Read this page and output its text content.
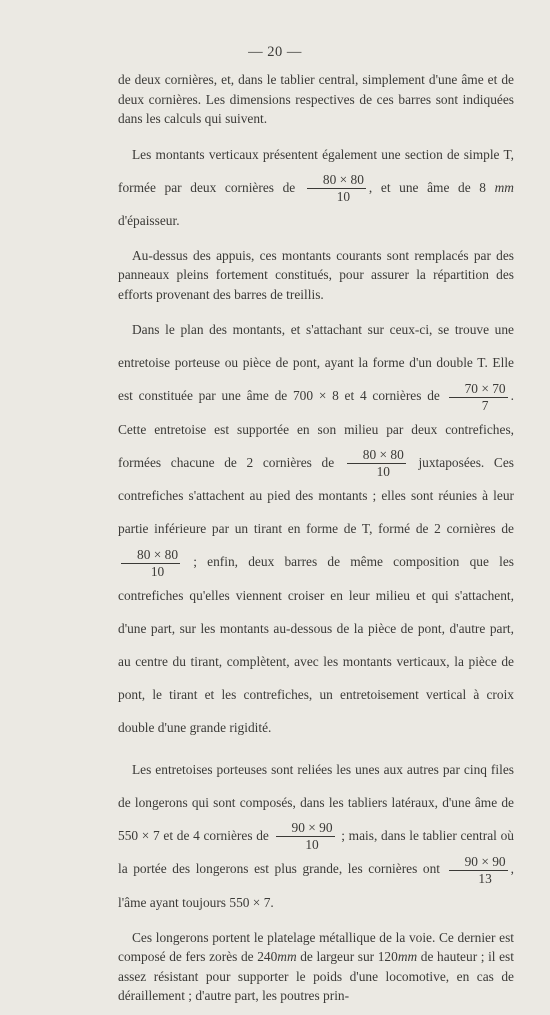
— 20 —

de deux cornières, et, dans le tablier central, simplement d'une âme et de deux cornières. Les dimensions respectives de ces barres sont indiquées dans les calculs qui suivent.

Les montants verticaux présentent également une section de simple T, formée par deux cornières de $\frac{80 \times 80}{10}$ , et une âme de 8 mm d'épaisseur.

Au-dessus des appuis, ces montants courants sont remplacés par des panneaux pleins fortement constitués, pour assurer la répartition des efforts provenant des barres de treillis.

Dans le plan des montants, et s'attachant sur ceux-ci, se trouve une entretoise porteuse ou pièce de pont, ayant la forme d'un double T. Elle est constituée par une âme de 700 × 8 et 4 cornières de $\frac{70 \times 70}{7}$ . Cette entretoise est supportée en son milieu par deux contrefiches, formées chacune de 2 cornières de $\frac{80 \times 80}{10}$ juxtaposées. Ces contrefiches s'attachent au pied des montants ; elles sont réunies à leur partie inférieure par un tirant en forme de T, formé de 2 cornières de
$\frac{80 \times 80}{10}$ ; enfin, deux barres de même composition que les contrefiches qu'elles viennent croiser en leur milieu et qui s'attachent, d'une part, sur les montants au-dessous de la pièce de pont, d'autre part, au centre du tirant, complètent, avec les montants verticaux, la pièce de pont, le tirant et les contrefiches, un entretoisement vertical à croix double d'une grande rigidité.

Les entretoises porteuses sont reliées les unes aux autres par cinq files de longerons qui sont composés, dans les tabliers latéraux, d'une âme de 550 × 7 et de 4 cornières de $\frac{90 \times 90}{10}$ ; mais, dans le tablier central où la portée des longerons est plus grande, les cornières ont $\frac{90 \times 90}{13}$ , l'âme ayant toujours 550 × 7.

Ces longerons portent le platelage métallique de la voie. Ce dernier est composé de fers zorès de 240mm de largeur sur 120mm de hauteur ; il est assez résistant pour supporter le poids d'une locomotive, en cas de déraillement ; d'autre part, les poutres prin-
